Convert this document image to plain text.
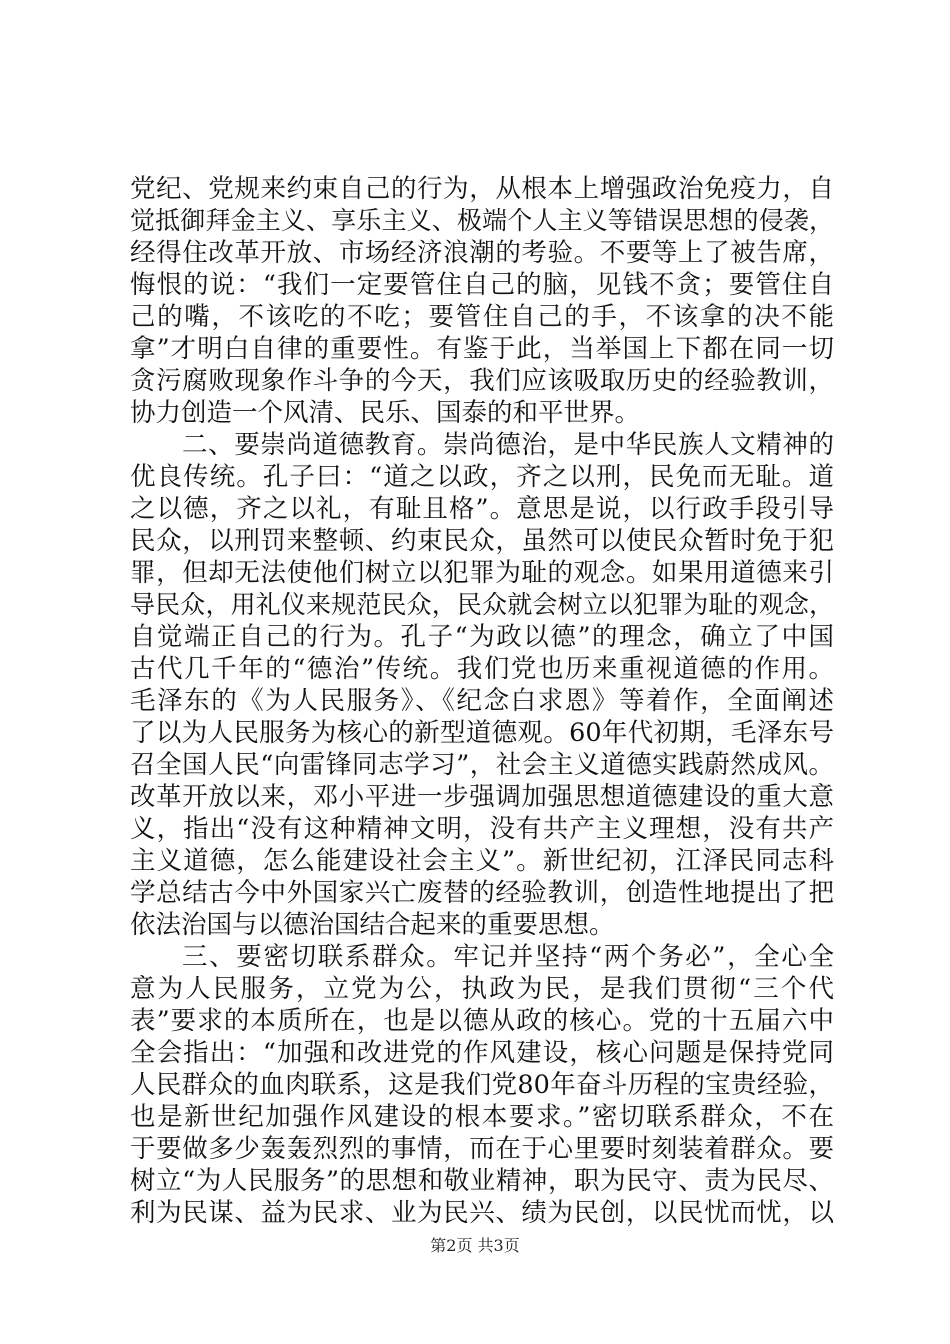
党纪、党规来约束自己的行为，从根本上增强政治免疫力，自
觉抵御拜金主义、享乐主义、极端个人主义等错误思想的侵袭，
经得住改革开放、市场经济浪潮的考验。不要等上了被告席，
悔恨的说：“我们一定要管住自己的脑，见钱不贪；要管住自
己的嘴，不该吃的不吃；要管住自己的手，不该拿的决不能
拿”才明白自律的重要性。有鉴于此，当举国上下都在同一切
贪污腐败现象作斗争的今天，我们应该吸取历史的经验教训，
协力创造一个风清、民乐、国泰的和平世界。
二、要崇尚道德教育。崇尚德治，是中华民族人文精神的
优良传统。孔子曰：“道之以政，齐之以刑，民免而无耻。道
之以德，齐之以礼，有耻且格”。意思是说，以行政手段引导
民众，以刑罚来整顿、约束民众，虽然可以使民众暂时免于犯
罪，但却无法使他们树立以犯罪为耻的观念。如果用道德来引
导民众，用礼仪来规范民众，民众就会树立以犯罪为耻的观念，
自觉端正自己的行为。孔子“为政以德”的理念，确立了中国
古代几千年的“德治”传统。我们党也历来重视道德的作用。
毛泽东的《为人民服务》、《纪念白求恩》等着作，全面阐述
了以为人民服务为核心的新型道德观。60年代初期，毛泽东号
召全国人民“向雷锋同志学习”，社会主义道德实践蔚然成风。
改革开放以来，邓小平进一步强调加强思想道德建设的重大意
义，指出“没有这种精神文明，没有共产主义理想，没有共产
主义道德，怎么能建设社会主义”。新世纪初，江泽民同志科
学总结古今中外国家兴亡废替的经验教训，创造性地提出了把
依法治国与以德治国结合起来的重要思想。
三、要密切联系群众。牢记并坚持“两个务必”，全心全
意为人民服务，立党为公，执政为民，是我们贯彻“三个代
表”要求的本质所在，也是以德从政的核心。党的十五届六中
全会指出：“加强和改进党的作风建设，核心问题是保持党同
人民群众的血肉联系，这是我们党80年奋斗历程的宝贵经验，
也是新世纪加强作风建设的根本要求。”密切联系群众，不在
于要做多少轰轰烈烈的事情，而在于心里要时刻装着群众。要
树立“为人民服务”的思想和敬业精神，职为民守、责为民尽、
利为民谋、益为民求、业为民兴、绩为民创，以民忧而忧，以
第2页 共3页
